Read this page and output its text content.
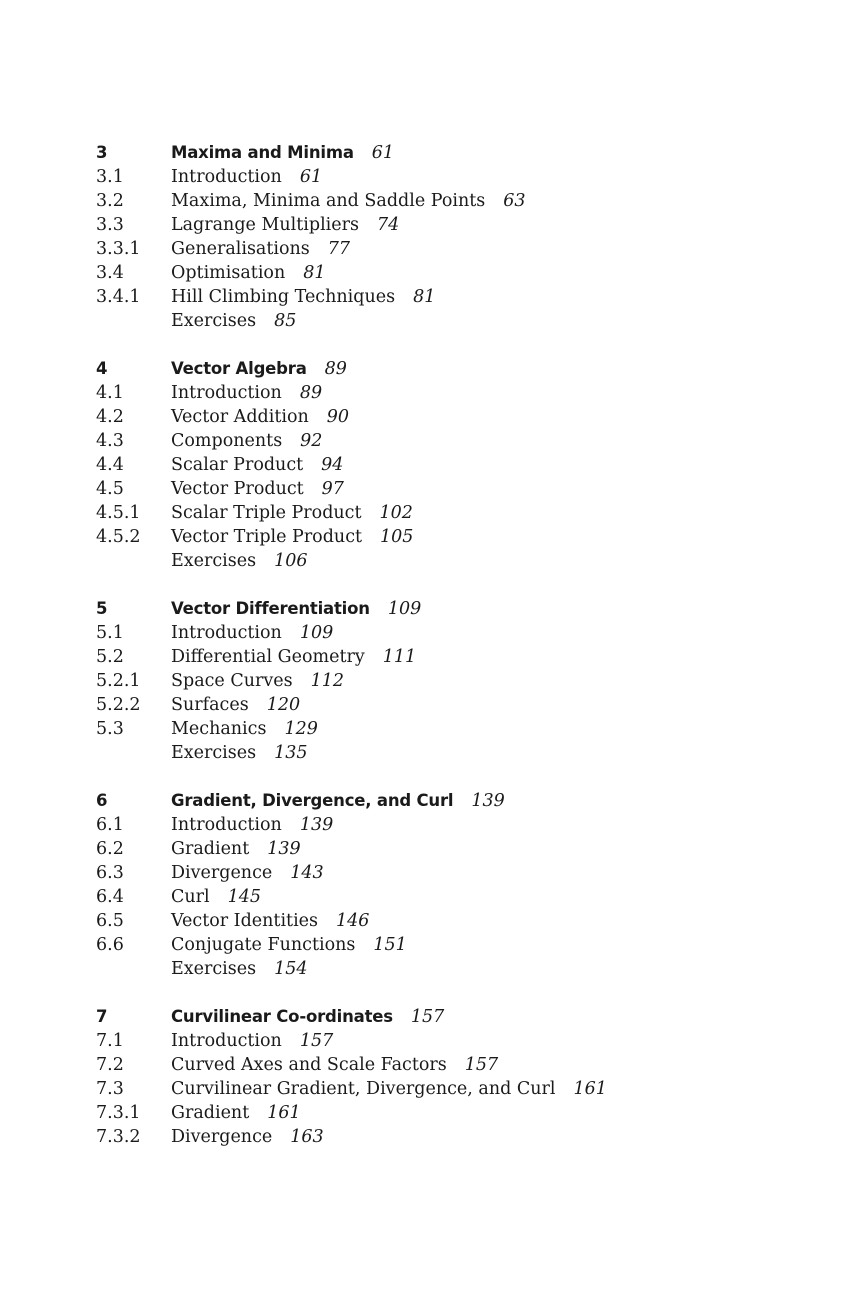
3	Maxima and Minima 61
3.1	Introduction 61
3.2	Maxima, Minima and Saddle Points 63
3.3	Lagrange Multipliers 74
3.3.1	Generalisations 77
3.4	Optimisation 81
3.4.1	Hill Climbing Techniques 81
Exercises 85
4	Vector Algebra 89
4.1	Introduction 89
4.2	Vector Addition 90
4.3	Components 92
4.4	Scalar Product 94
4.5	Vector Product 97
4.5.1	Scalar Triple Product 102
4.5.2	Vector Triple Product 105
Exercises 106
5	Vector Differentiation 109
5.1	Introduction 109
5.2	Differential Geometry 111
5.2.1	Space Curves 112
5.2.2	Surfaces 120
5.3	Mechanics 129
Exercises 135
6	Gradient, Divergence, and Curl 139
6.1	Introduction 139
6.2	Gradient 139
6.3	Divergence 143
6.4	Curl 145
6.5	Vector Identities 146
6.6	Conjugate Functions 151
Exercises 154
7	Curvilinear Co-ordinates 157
7.1	Introduction 157
7.2	Curved Axes and Scale Factors 157
7.3	Curvilinear Gradient, Divergence, and Curl 161
7.3.1	Gradient 161
7.3.2	Divergence 163
